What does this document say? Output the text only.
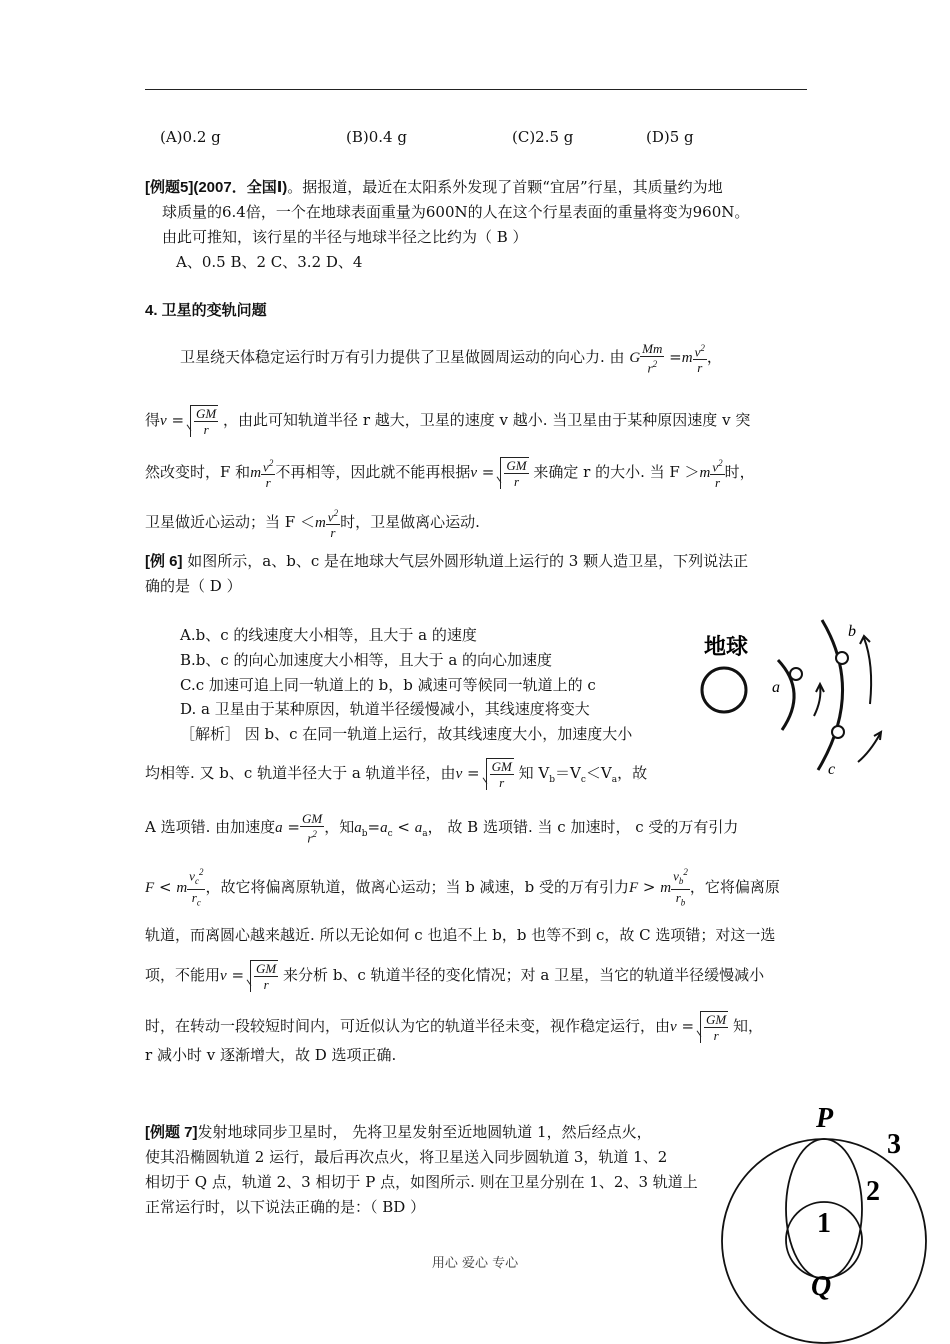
(A)0.2 g	(B)0.4 g	(C)2.5 g	(D)5 g
[例题5](2007．全国Ⅰ)。据报道，最近在太阳系外发现了首颗“宜居”行星，其质量约为地
球质量的6.4倍，一个在地球表面重量为600N的人在这个行星表面的重量将变为960N。
由此可推知，该行星的半径与地球半径之比约为（ B ）
A、0.5 B、2 C、3.2 D、4
4. 卫星的变轨问题
卫星绕天体稳定运行时万有引力提供了卫星做圆周运动的向心力. 由 G $\frac{Mm}{r^2} =m \frac{v^2}{r}$ ，
得$v = \frac{GM}{r}$ ，由此可知轨道半径 r 越大，卫星的速度 v 越小. 当卫星由于某种原因速度 v 突
然改变时，F 和m $\frac{v^2}{r}$ 不再相等，因此就不能再根据$v = \frac{GM}{r}$ 来确定 r 的大小. 当 $F >m \frac{v^2}{r}$ 时，
卫星做近心运动；当 $F <m \frac{v^2}{r}$ 时，卫星做离心运动.
[例 6] 如图所示，a、b、c 是在地球大气层外圆形轨道上运行的 3 颗人造卫星，下列说法正
确的是（ D ）
A.b、c 的线速度大小相等，且大于 a 的速度
B.b、c 的向心加速度大小相等，且大于 a 的向心加速度
C.c 加速可追上同一轨道上的 b，b 减速可等候同一轨道上的 c
D. a 卫星由于某种原因，轨道半径缓慢减小，其线速度将变大
［解析］ 因 b、c 在同一轨道上运行，故其线速度大小，加速度大小
均相等. 又 b、c 轨道半径大于 a 轨道半径，由$v = \frac{GM}{r}$ 知 $V_b=V_c<V_a$，故
A 选项错. 由加速度$a = \frac{GM}{r^2}$ ，知$a_b=a_c < a_a$， 故 B 选项错. 当 c 加速时， c 受的万有引力
F < m $\frac{v_c^2}{r_c}$ ，故它将偏离原轨道，做离心运动；当 b 减速，b 受的万有引力F > m $\frac{v_b^2}{r_b}$ ，它将偏离原
轨道，而离圆心越来越近. 所以无论如何 c 也追不上 b，b 也等不到 c，故 C 选项错；对这一选
项，不能用$v = \frac{GM}{r}$ 来分析 b、c 轨道半径的变化情况；对 a 卫星，当它的轨道半径缓慢减小
时，在转动一段较短时间内，可近似认为它的轨道半径未变，视作稳定运行，由$v = \frac{GM}{r}$ 知，
r 减小时 v 逐渐增大，故 D 选项正确.
地球
a
b
c
[例题 7]发射地球同步卫星时， 先将卫星发射至近地圆轨道 1，然后经点火，
使其沿椭圆轨道 2 运行，最后再次点火，将卫星送入同步圆轨道 3，轨道 1、2
相切于 Q 点，轨道 2、3 相切于 P 点，如图所示. 则在卫星分别在 1、2、3 轨道上
正常运行时，以下说法正确的是：（ BD ）
P
Q
1
2
3
用心 爱心 专心
